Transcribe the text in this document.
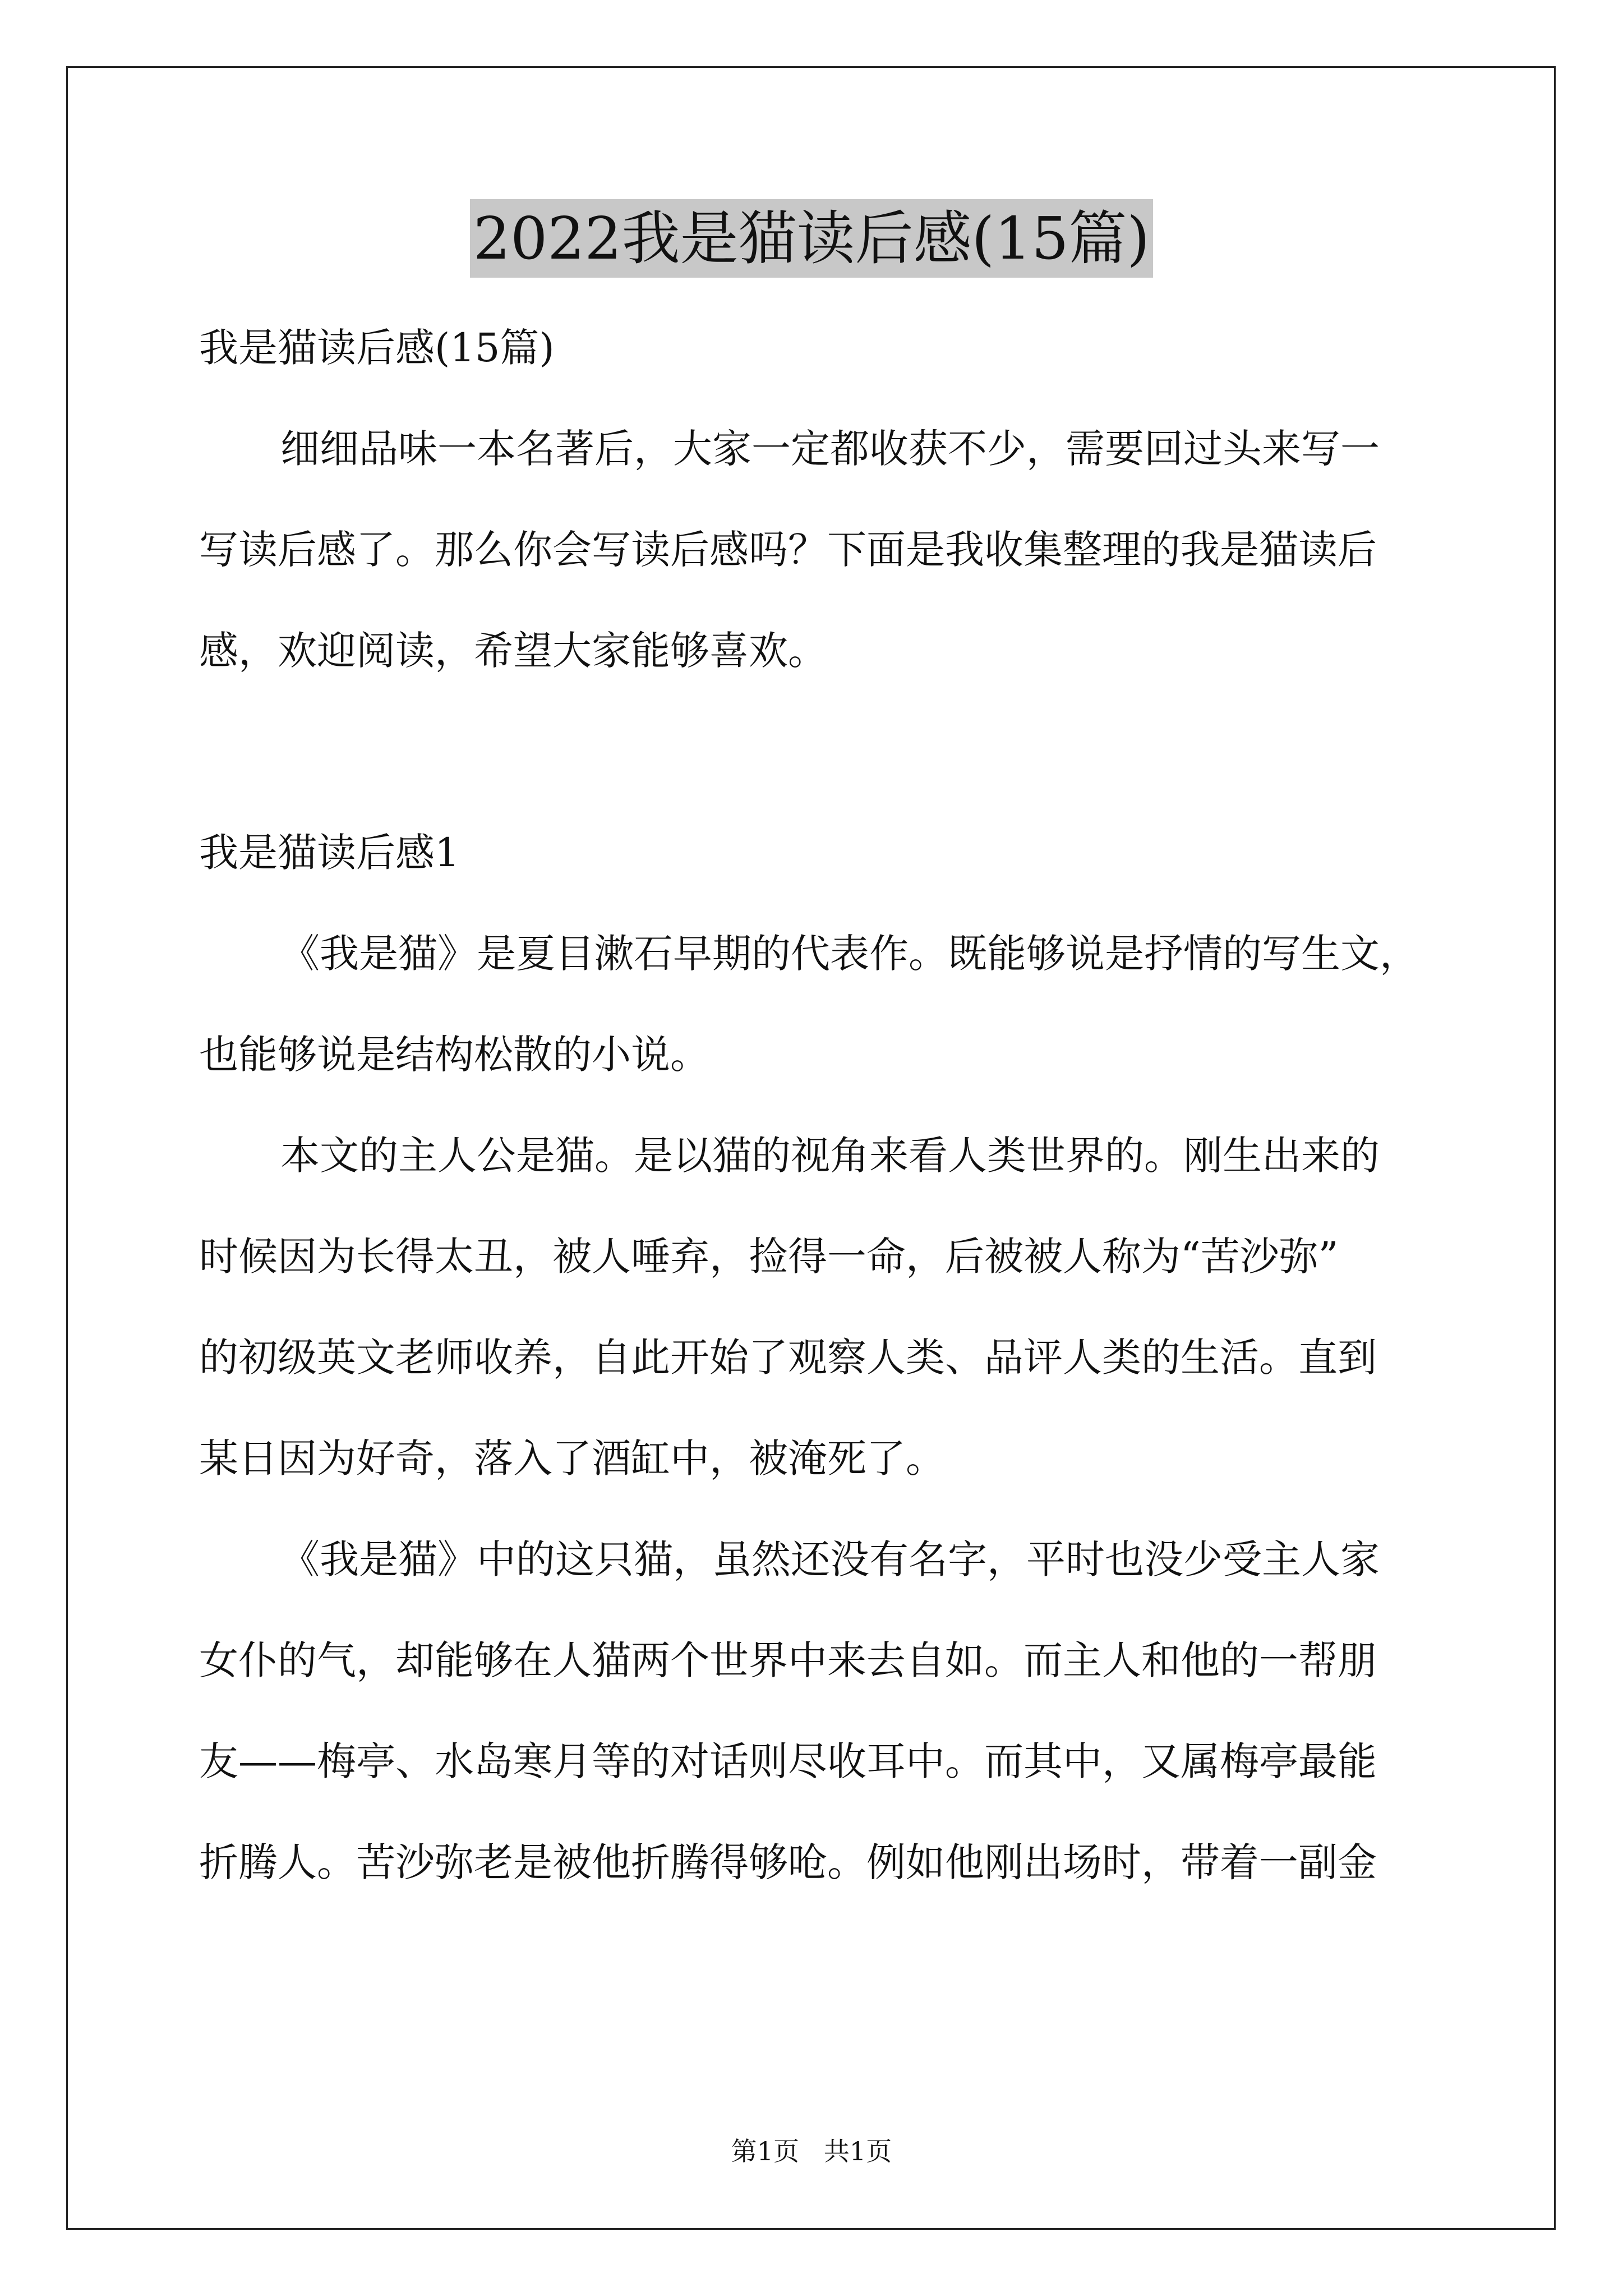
2022我是猫读后感(15篇)
我是猫读后感(15篇)
细细品味一本名著后，大家一定都收获不少，需要回过头来写一
写读后感了。那么你会写读后感吗？下面是我收集整理的我是猫读后
感，欢迎阅读，希望大家能够喜欢。
我是猫读后感1
《我是猫》是夏目漱石早期的代表作。既能够说是抒情的写生文，
也能够说是结构松散的小说。
本文的主人公是猫。是以猫的视角来看人类世界的。刚生出来的
时候因为长得太丑，被人唾弃，捡得一命，后被被人称为“苦沙弥”
的初级英文老师收养，自此开始了观察人类、品评人类的生活。直到
某日因为好奇，落入了酒缸中，被淹死了。
《我是猫》中的这只猫，虽然还没有名字，平时也没少受主人家
女仆的气，却能够在人猫两个世界中来去自如。而主人和他的一帮朋
友——梅亭、水岛寒月等的对话则尽收耳中。而其中，又属梅亭最能
折腾人。苦沙弥老是被他折腾得够呛。例如他刚出场时，带着一副金
第1页   共1页
